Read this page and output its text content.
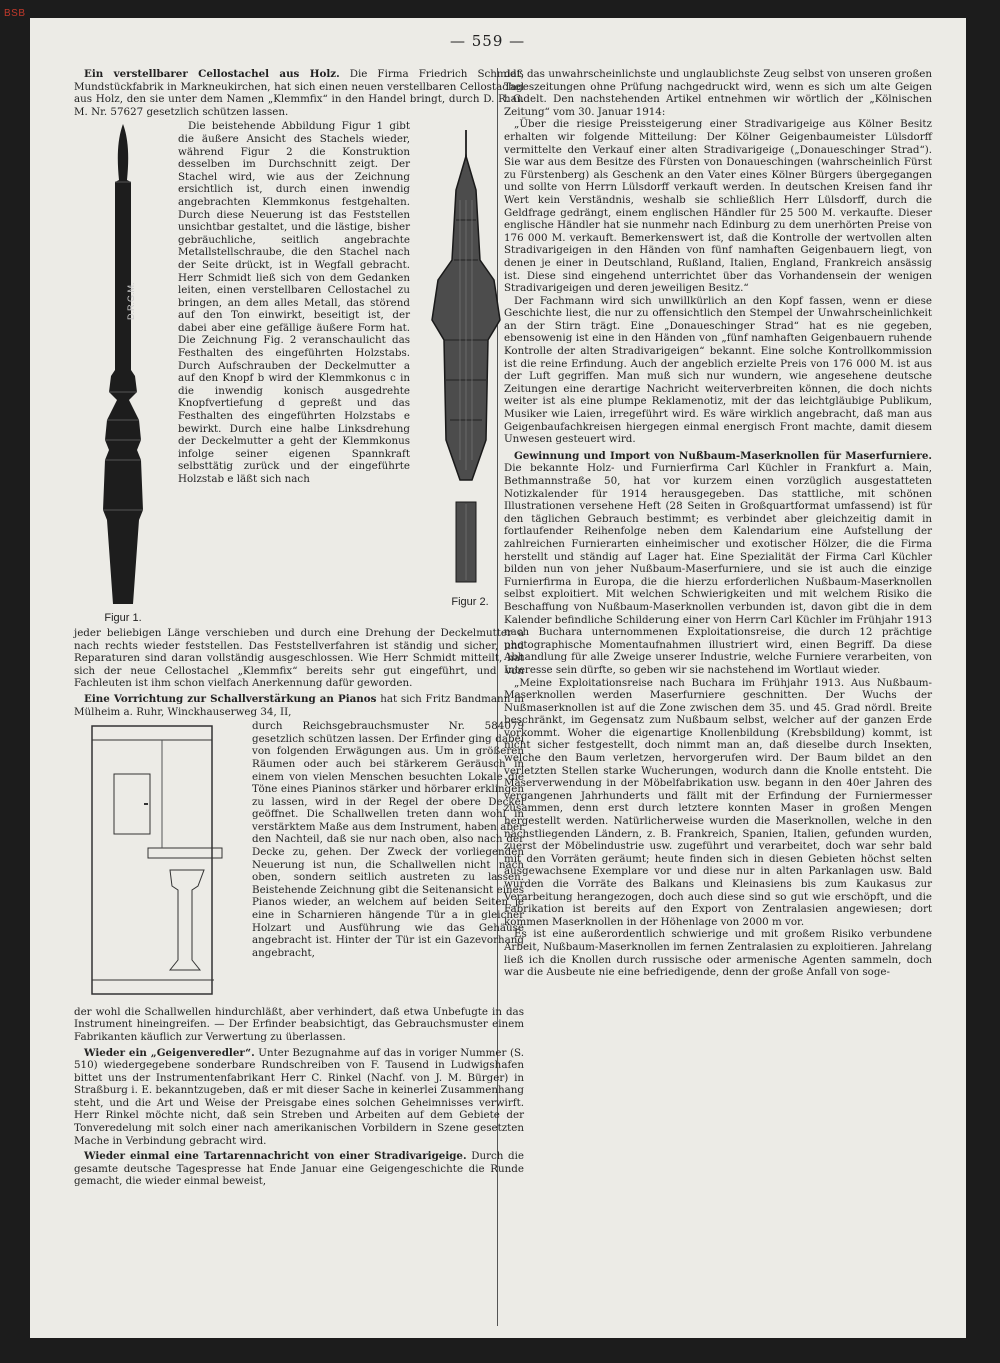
— 559 —

Ein verstellbarer Cellostachel aus Holz. Die Firma Friedrich Schmidt, Mundstückfabrik in Markneukirchen, hat sich einen neuen verstellbaren Cellostachel aus Holz, den sie unter dem Namen „Klemmfix“ in den Handel bringt, durch D. R. G. M. Nr. 57627 gesetzlich schützen lassen.

D.R.G.M.
Figur 1.

Die beistehende Abbildung Figur 1 gibt die äußere Ansicht des Stachels wieder, während Figur 2 die Konstruktion desselben im Durchschnitt zeigt. Der Stachel wird, wie aus der Zeichnung ersichtlich ist, durch einen inwendig angebrachten Klemmkonus festgehalten. Durch diese Neuerung ist das Feststellen unsichtbar gestaltet, und die lästige, bisher gebräuchliche, seitlich angebrachte Metallstellschraube, die den Stachel nach der Seite drückt, ist in Wegfall gebracht. Herr Schmidt ließ sich von dem Gedanken leiten, einen verstellbaren Cellostachel zu bringen, an dem alles Metall, das störend auf den Ton einwirkt, beseitigt ist, der dabei aber eine gefällige äußere Form hat. Die Zeichnung Fig. 2 veranschaulicht das Festhalten des eingeführten Holzstabs. Durch Aufschrauben der Deckelmutter a auf den Knopf b wird der Klemmkonus c in die inwendig konisch ausgedrehte Knopfvertiefung d gepreßt und das Festhalten des eingeführten Holzstabs e bewirkt. Durch eine halbe Linksdrehung der Deckelmutter a geht der Klemmkonus infolge seiner eigenen Spannkraft selbsttätig zurück und der eingeführte Holzstab e läßt sich nach

Figur 2.

jeder beliebigen Länge verschieben und durch eine Drehung der Deckelmutter a nach rechts wieder feststellen. Das Feststellverfahren ist ständig und sicher, und Reparaturen sind daran vollständig ausgeschlossen. Wie Herr Schmidt mitteilt, hat sich der neue Cellostachel „Klemmfix“ bereits sehr gut eingeführt, und von Fachleuten ist ihm schon vielfach Anerkennung dafür geworden.

Eine Vorrichtung zur Schallverstärkung an Pianos hat sich Fritz Bandmann in Mülheim a. Ruhr, Winckhauserweg 34, II,

durch Reichsgebrauchsmuster Nr. 584079 gesetzlich schützen lassen. Der Erfinder ging dabei von folgenden Erwägungen aus. Um in größeren Räumen oder auch bei stärkerem Geräusch in einem von vielen Menschen besuchten Lokale die Töne eines Pianinos stärker und hörbarer erklingen zu lassen, wird in der Regel der obere Deckel geöffnet. Die Schallwellen treten dann wohl in verstärktem Maße aus dem Instrument, haben aber den Nachteil, daß sie nur nach oben, also nach der Decke zu, gehen. Der Zweck der vorliegenden Neuerung ist nun, die Schallwellen nicht nach oben, sondern seitlich austreten zu lassen. Beistehende Zeichnung gibt die Seitenansicht eines Pianos wieder, an welchem auf beiden Seiten je eine in Scharnieren hängende Tür a in gleicher Holzart und Ausführung wie das Gehäuse angebracht ist. Hinter der Tür ist ein Gazevorhang angebracht,

der wohl die Schallwellen hindurchläßt, aber verhindert, daß etwa Unbefugte in das Instrument hineingreifen. — Der Erfinder beabsichtigt, das Gebrauchsmuster einem Fabrikanten käuflich zur Verwertung zu überlassen.

Wieder ein „Geigenveredler“. Unter Bezugnahme auf das in voriger Nummer (S. 510) wiedergegebene sonderbare Rundschreiben von F. Tausend in Ludwigshafen bittet uns der Instrumentenfabrikant Herr C. Rinkel (Nachf. von J. M. Bürger) in Straßburg i. E. bekanntzugeben, daß er mit dieser Sache in keinerlei Zusammenhang steht, und die Art und Weise der Preisgabe eines solchen Geheimnisses verwirft. Herr Rinkel möchte nicht, daß sein Streben und Arbeiten auf dem Gebiete der Tonveredelung mit solch einer nach amerikanischen Vorbildern in Szene gesetzten Mache in Verbindung gebracht wird.

Wieder einmal eine Tartarennachricht von einer Stradivarigeige. Durch die gesamte deutsche Tagespresse hat Ende Januar eine Geigengeschichte die Runde gemacht, die wieder einmal beweist,

daß das unwahrscheinlichste und unglaublichste Zeug selbst von unseren großen Tageszeitungen ohne Prüfung nachgedruckt wird, wenn es sich um alte Geigen handelt. Den nachstehenden Artikel entnehmen wir wörtlich der „Kölnischen Zeitung“ vom 30. Januar 1914:

„Über die riesige Preissteigerung einer Stradivarigeige aus Kölner Besitz erhalten wir folgende Mitteilung: Der Kölner Geigenbaumeister Lülsdorff vermittelte den Verkauf einer alten Stradivarigeige („Donaueschinger Strad“). Sie war aus dem Besitze des Fürsten von Donaueschingen (wahrscheinlich Fürst zu Fürstenberg) als Geschenk an den Vater eines Kölner Bürgers übergegangen und sollte von Herrn Lülsdorff verkauft werden. In deutschen Kreisen fand ihr Wert kein Verständnis, weshalb sie schließlich Herr Lülsdorff, durch die Geldfrage gedrängt, einem englischen Händler für 25 500 M. verkaufte. Dieser englische Händler hat sie nunmehr nach Edinburg zu dem unerhörten Preise von 176 000 M. verkauft. Bemerkenswert ist, daß die Kontrolle der wertvollen alten Stradivarigeigen in den Händen von fünf namhaften Geigenbauern liegt, von denen je einer in Deutschland, Rußland, Italien, England, Frankreich ansässig ist. Diese sind eingehend unterrichtet über das Vorhandensein der wenigen Stradivarigeigen und deren jeweiligen Besitz.“

Der Fachmann wird sich unwillkürlich an den Kopf fassen, wenn er diese Geschichte liest, die nur zu offensichtlich den Stempel der Unwahrscheinlichkeit an der Stirn trägt. Eine „Donaueschinger Strad“ hat es nie gegeben, ebensowenig ist eine in den Händen von „fünf namhaften Geigenbauern ruhende Kontrolle der alten Stradivarigeigen“ bekannt. Eine solche Kontrollkommission ist die reine Erfindung. Auch der angeblich erzielte Preis von 176 000 M. ist aus der Luft gegriffen. Man muß sich nur wundern, wie angesehene deutsche Zeitungen eine derartige Nachricht weiterverbreiten können, die doch nichts weiter ist als eine plumpe Reklamenotiz, mit der das leichtgläubige Publikum, Musiker wie Laien, irregeführt wird. Es wäre wirklich angebracht, daß man aus Geigenbaufachkreisen hiergegen einmal energisch Front machte, damit diesem Unwesen gesteuert wird.

Gewinnung und Import von Nußbaum-Maserknollen für Maserfurniere. Die bekannte Holz- und Furnierfirma Carl Küchler in Frankfurt a. Main, Bethmannstraße 50, hat vor kurzem einen vorzüglich ausgestatteten Notizkalender für 1914 herausgegeben. Das stattliche, mit schönen Illustrationen versehene Heft (28 Seiten in Großquartformat umfassend) ist für den täglichen Gebrauch bestimmt; es verbindet aber gleichzeitig damit in fortlaufender Reihenfolge neben dem Kalendarium eine Aufstellung der zahlreichen Furnierarten einheimischer und exotischer Hölzer, die die Firma herstellt und ständig auf Lager hat. Eine Spezialität der Firma Carl Küchler bilden nun von jeher Nußbaum-Maserfurniere, und sie ist auch die einzige Furnierfirma in Europa, die die hierzu erforderlichen Nußbaum-Maserknollen selbst exploitiert. Mit welchen Schwierigkeiten und mit welchem Risiko die Beschaffung von Nußbaum-Maserknollen verbunden ist, davon gibt die in dem Kalender befindliche Schilderung einer von Herrn Carl Küchler im Frühjahr 1913 nach Buchara unternommenen Exploitationsreise, die durch 12 prächtige photographische Momentaufnahmen illustriert wird, einen Begriff. Da diese Abhandlung für alle Zweige unserer Industrie, welche Furniere verarbeiten, von Interesse sein dürfte, so geben wir sie nachstehend im Wortlaut wieder.

„Meine Exploitationsreise nach Buchara im Frühjahr 1913. Aus Nußbaum-Maserknollen werden Maserfurniere geschnitten. Der Wuchs der Nußmaserknollen ist auf die Zone zwischen dem 35. und 45. Grad nördl. Breite beschränkt, im Gegensatz zum Nußbaum selbst, welcher auf der ganzen Erde vorkommt. Woher die eigenartige Knollenbildung (Krebsbildung) kommt, ist nicht sicher festgestellt, doch nimmt man an, daß dieselbe durch Insekten, welche den Baum verletzen, hervorgerufen wird. Der Baum bildet an den verletzten Stellen starke Wucherungen, wodurch dann die Knolle entsteht. Die Maserverwendung in der Möbelfabrikation usw. begann in den 40er Jahren des vergangenen Jahrhunderts und fällt mit der Erfindung der Furniermesser zusammen, denn erst durch letztere konnten Maser in großen Mengen hergestellt werden. Natürlicherweise wurden die Maserknollen, welche in den nächstliegenden Ländern, z. B. Frankreich, Spanien, Italien, gefunden wurden, zuerst der Möbelindustrie usw. zugeführt und verarbeitet, doch war sehr bald mit den Vorräten geräumt; heute finden sich in diesen Gebieten höchst selten ausgewachsene Exemplare vor und diese nur in alten Parkanlagen usw. Bald wurden die Vorräte des Balkans und Kleinasiens bis zum Kaukasus zur Verarbeitung herangezogen, doch auch diese sind so gut wie erschöpft, und die Fabrikation ist bereits auf den Export von Zentralasien angewiesen; dort kommen Maserknollen in der Höhenlage von 2000 m vor.

Es ist eine außerordentlich schwierige und mit großem Risiko verbundene Arbeit, Nußbaum-Maserknollen im fernen Zentralasien zu exploitieren. Jahrelang ließ ich die Knollen durch russische oder armenische Agenten sammeln, doch war die Ausbeute nie eine befriedigende, denn der große Anfall von soge-

BSB
